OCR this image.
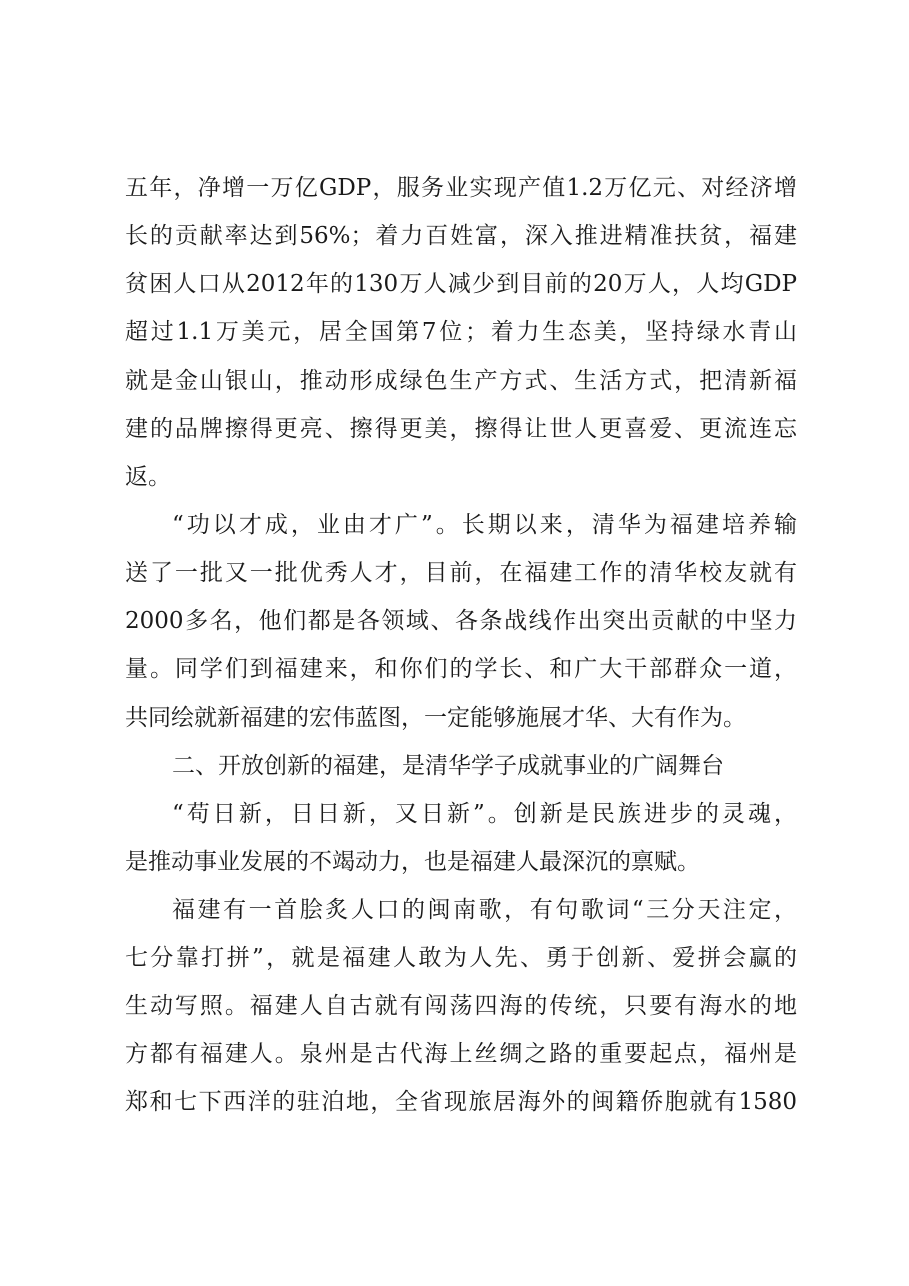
五年，净增一万亿GDP，服务业实现产值1.2万亿元、对经济增
长的贡献率达到56%；着力百姓富，深入推进精准扶贫，福建
贫困人口从2012年的130万人减少到目前的20万人，人均GDP
超过1.1万美元，居全国第7位；着力生态美，坚持绿水青山
就是金山银山，推动形成绿色生产方式、生活方式，把清新福
建的品牌擦得更亮、擦得更美，擦得让世人更喜爱、更流连忘
返。
“功以才成，业由才广”。长期以来，清华为福建培养输
送了一批又一批优秀人才，目前，在福建工作的清华校友就有
2000多名，他们都是各领域、各条战线作出突出贡献的中坚力
量。同学们到福建来，和你们的学长、和广大干部群众一道，
共同绘就新福建的宏伟蓝图，一定能够施展才华、大有作为。
二、开放创新的福建，是清华学子成就事业的广阔舞台
“苟日新，日日新，又日新”。创新是民族进步的灵魂，
是推动事业发展的不竭动力，也是福建人最深沉的禀赋。
福建有一首脍炙人口的闽南歌，有句歌词“三分天注定，
七分靠打拼”，就是福建人敢为人先、勇于创新、爱拼会赢的
生动写照。福建人自古就有闯荡四海的传统，只要有海水的地
方都有福建人。泉州是古代海上丝绸之路的重要起点，福州是
郑和七下西洋的驻泊地，全省现旅居海外的闽籍侨胞就有1580
